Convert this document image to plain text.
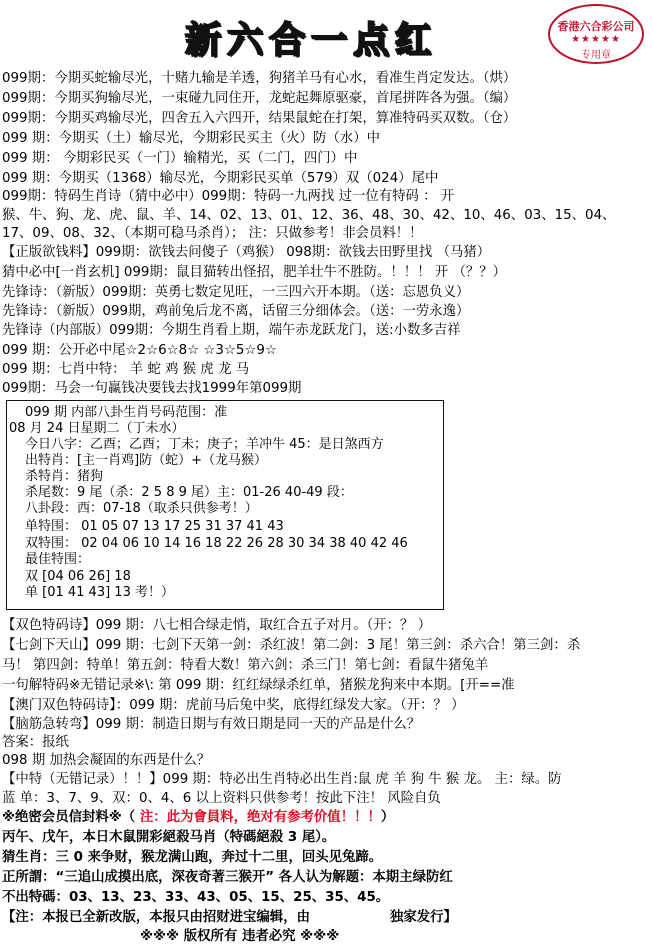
新六合一点红	香港六合彩公司
★★★★★
专用章
099期：今期买蛇输尽光，十赌九输是羊透，狗猪羊马有心水，看准生肖定发达。（烘）
099期：今期买狗输尽光，一束碰九同住开，龙蛇起舞原驱豪，首尾拼阵各为强。（编）
099期：今期买鸡输尽光，四舍五入六四开，结果鼠蛇在打架，算准特码买双数。（仓）
099 期：今期买（土）输尽光，今期彩民买主（火）防（水）中
099 期： 今期彩民买（一门）输精光，买（二门，四门）中
099 期：今期买（1368）输尽光，今期彩民买单（579）双（024）尾中
099期：特码生肖诗（猜中必中）099期：特码一九两找 过一位有特码 ： 开
猴、牛、狗、龙、虎、鼠、羊、14、02、13、01、12、36、48、30、42、10、46、03、15、04、
17、09、08、32、（本期可稳马杀肖）； 注：只做参考！非会员料！！
【正版欲钱料】099期：欲钱去问傻子（鸡猴） 098期：欲钱去田野里找 （马猪）
猜中必中[一肖玄机] 099期：鼠目猫转出怪招，肥羊壮牛不胜防。！！！ 开 （？？）
先锋诗：（新版）099期：英勇七数定见旺，一三四六开本期。（送：忘恩负义）
先锋诗：（新版）099期，鸡前兔后龙不离，话留三分细体会。（送：一劳永逸）
先锋诗（内部版）099期：今期生肖看上期，端午赤龙跃龙门，送:小数多吉祥
099 期：公开必中尾☆2☆6☆8☆ ☆3☆5☆9☆
099 期：七肖中特： 羊 蛇 鸡 猴 虎 龙 马
099期：马会一句赢钱决要钱去找1999年第099期
099 期 内部八卦生肖号码范围：准
08 月 24 日星期二（丁未水）
今日八字：乙酉；乙酉；丁未；庚子；羊冲牛 45：是日煞西方
出特肖：[主一肖鸡]防（蛇）+（龙马猴）
杀特肖：猪狗
杀尾数：9 尾（杀：2 5 8 9 尾）主：01-26 40-49 段：
八卦段：西：07-18（取杀只供参考！）
单特围： 01 05 07 13 17 25 31 37 41 43
双特围： 02 04 06 10 14 16 18 22 26 28 30 34 38 40 42 46
最佳特围：
双 [04 06 26] 18
单 [01 41 43] 13 考！）
【双色特码诗】099 期：八七相合绿走悄，取红合五子对月。（开：？ ）
【七剑下天山】099 期：七剑下天第一剑：杀红波！第二剑：3 尾！第三剑：杀六合！第三剑：杀
马！ 第四剑：特单！第五剑：特看大数！第六剑：杀三门！第七剑：看鼠牛猪兔羊
一句解特码※无错记录※\: 第 099 期：红红绿绿杀红单，猪猴龙狗来中本期。[开==准
【澳门双色特码诗】：099 期：虎前马后兔中奖，底得红绿发大家。（开：？ ）
【脑筋急转弯】099 期：制造日期与有效日期是同一天的产品是什么？
答案：报纸
098 期 加热会凝固的东西是什么？
【中特（无错记录）！！】099 期：特必出生肖特必出生肖:鼠 虎 羊 狗 牛 猴 龙。 主：绿。防
蓝 单：3、7、9、双：0、4、6 以上资料只供参考！按此下注！ 风险自负
※绝密会员信封料※（ 注：此为會員料，绝对有参考价值！！！）
丙午、戊午，本日木鼠開彩絕殺马肖（特碼絕殺 3 尾）。
猜生肖：三 0 来争财，猴龙满山跑，奔过十二里，回头见兔蹄。
正所謂：“三追山成摸出底，深夜奇著三猴开” 各人认为解题：本期主绿防红
不出特碼：03、13、23、33、43、05、15、25、35、45。
【注：本报已全新改版，本报只由招财进宝编辑，由	独家发行】
※※※ 版权所有 违者必究 ※※※
